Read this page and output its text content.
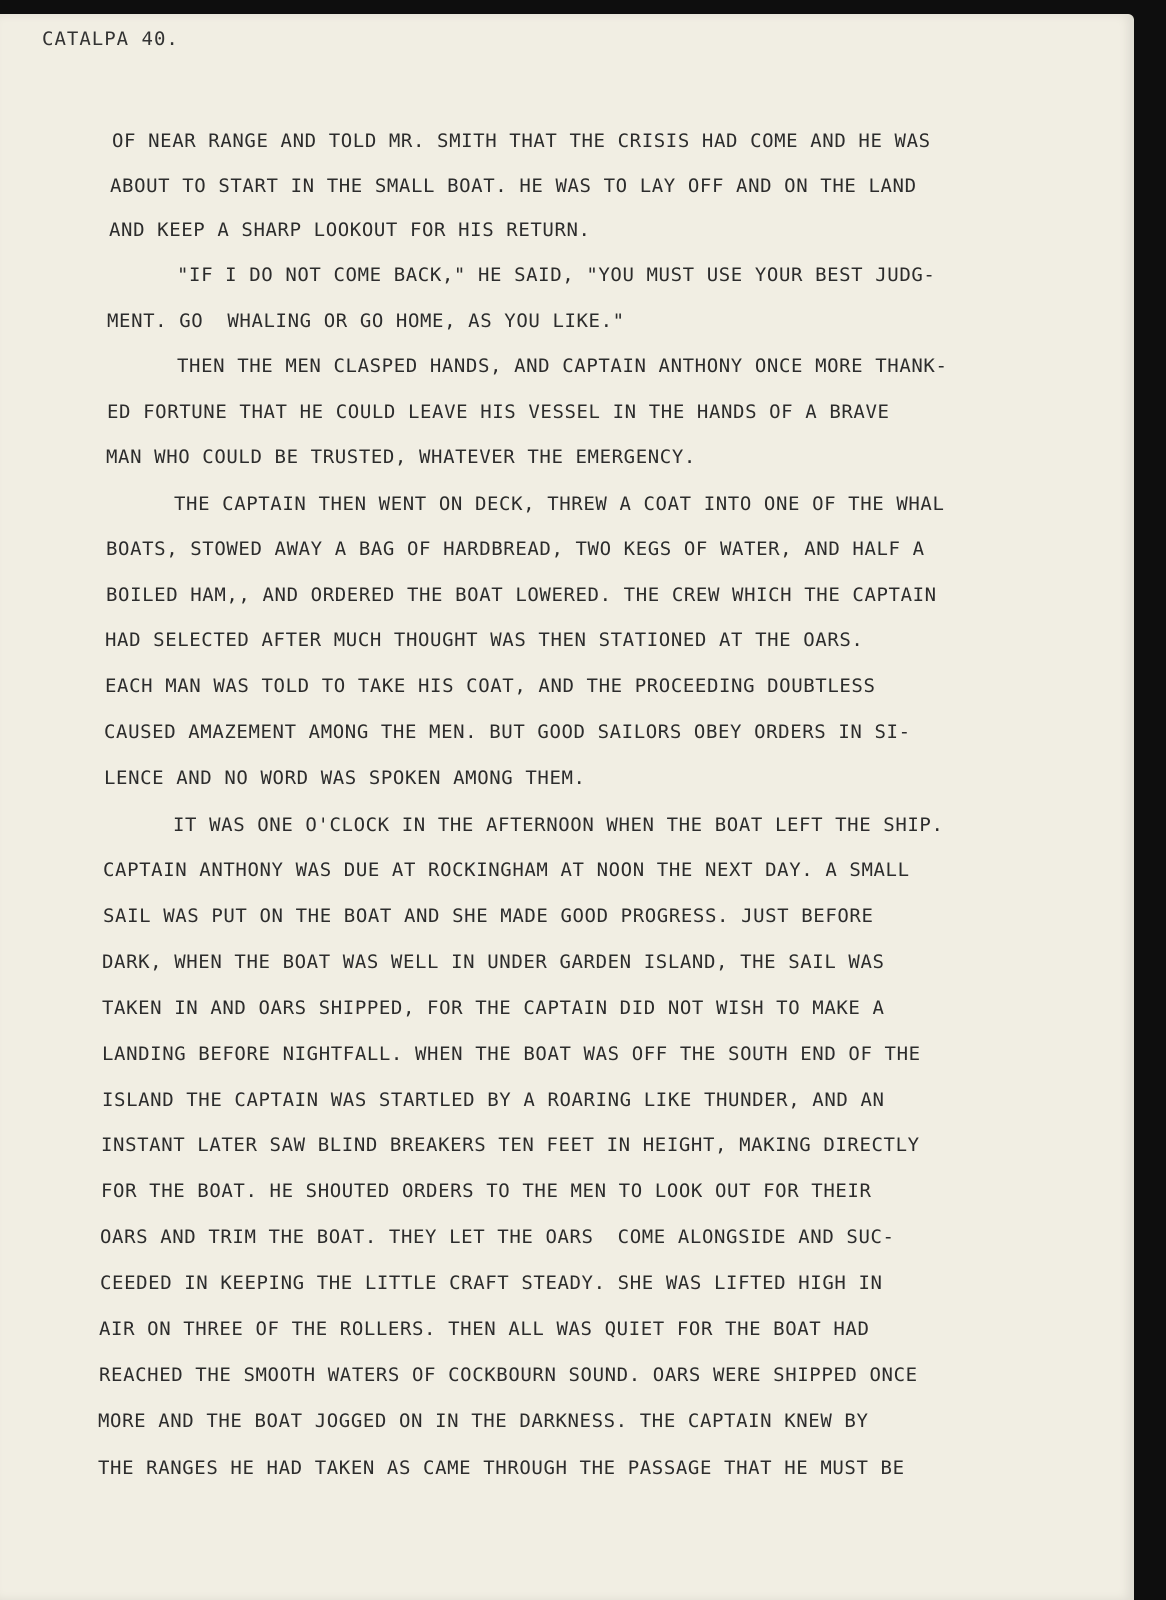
CATALPA 40.
OF NEAR RANGE AND TOLD MR. SMITH THAT THE CRISIS HAD COME AND HE WAS
ABOUT TO START IN THE SMALL BOAT. HE WAS TO LAY OFF AND ON THE LAND
AND KEEP A SHARP LOOKOUT FOR HIS RETURN.
"IF I DO NOT COME BACK," HE SAID, "YOU MUST USE YOUR BEST JUDG-
MENT. GO  WHALING OR GO HOME, AS YOU LIKE."
THEN THE MEN CLASPED HANDS, AND CAPTAIN ANTHONY ONCE MORE THANK-
ED FORTUNE THAT HE COULD LEAVE HIS VESSEL IN THE HANDS OF A BRAVE
MAN WHO COULD BE TRUSTED, WHATEVER THE EMERGENCY.
THE CAPTAIN THEN WENT ON DECK, THREW A COAT INTO ONE OF THE WHAL
BOATS, STOWED AWAY A BAG OF HARDBREAD, TWO KEGS OF WATER, AND HALF A
BOILED HAM,, AND ORDERED THE BOAT LOWERED. THE CREW WHICH THE CAPTAIN
HAD SELECTED AFTER MUCH THOUGHT WAS THEN STATIONED AT THE OARS.
EACH MAN WAS TOLD TO TAKE HIS COAT, AND THE PROCEEDING DOUBTLESS
CAUSED AMAZEMENT AMONG THE MEN. BUT GOOD SAILORS OBEY ORDERS IN SI-
LENCE AND NO WORD WAS SPOKEN AMONG THEM.
IT WAS ONE O'CLOCK IN THE AFTERNOON WHEN THE BOAT LEFT THE SHIP.
CAPTAIN ANTHONY WAS DUE AT ROCKINGHAM AT NOON THE NEXT DAY. A SMALL
SAIL WAS PUT ON THE BOAT AND SHE MADE GOOD PROGRESS. JUST BEFORE
DARK, WHEN THE BOAT WAS WELL IN UNDER GARDEN ISLAND, THE SAIL WAS
TAKEN IN AND OARS SHIPPED, FOR THE CAPTAIN DID NOT WISH TO MAKE A
LANDING BEFORE NIGHTFALL. WHEN THE BOAT WAS OFF THE SOUTH END OF THE
ISLAND THE CAPTAIN WAS STARTLED BY A ROARING LIKE THUNDER, AND AN
INSTANT LATER SAW BLIND BREAKERS TEN FEET IN HEIGHT, MAKING DIRECTLY
FOR THE BOAT. HE SHOUTED ORDERS TO THE MEN TO LOOK OUT FOR THEIR
OARS AND TRIM THE BOAT. THEY LET THE OARS  COME ALONGSIDE AND SUC-
CEEDED IN KEEPING THE LITTLE CRAFT STEADY. SHE WAS LIFTED HIGH IN
AIR ON THREE OF THE ROLLERS. THEN ALL WAS QUIET FOR THE BOAT HAD
REACHED THE SMOOTH WATERS OF COCKBOURN SOUND. OARS WERE SHIPPED ONCE
MORE AND THE BOAT JOGGED ON IN THE DARKNESS. THE CAPTAIN KNEW BY
THE RANGES HE HAD TAKEN AS CAME THROUGH THE PASSAGE THAT HE MUST BE
